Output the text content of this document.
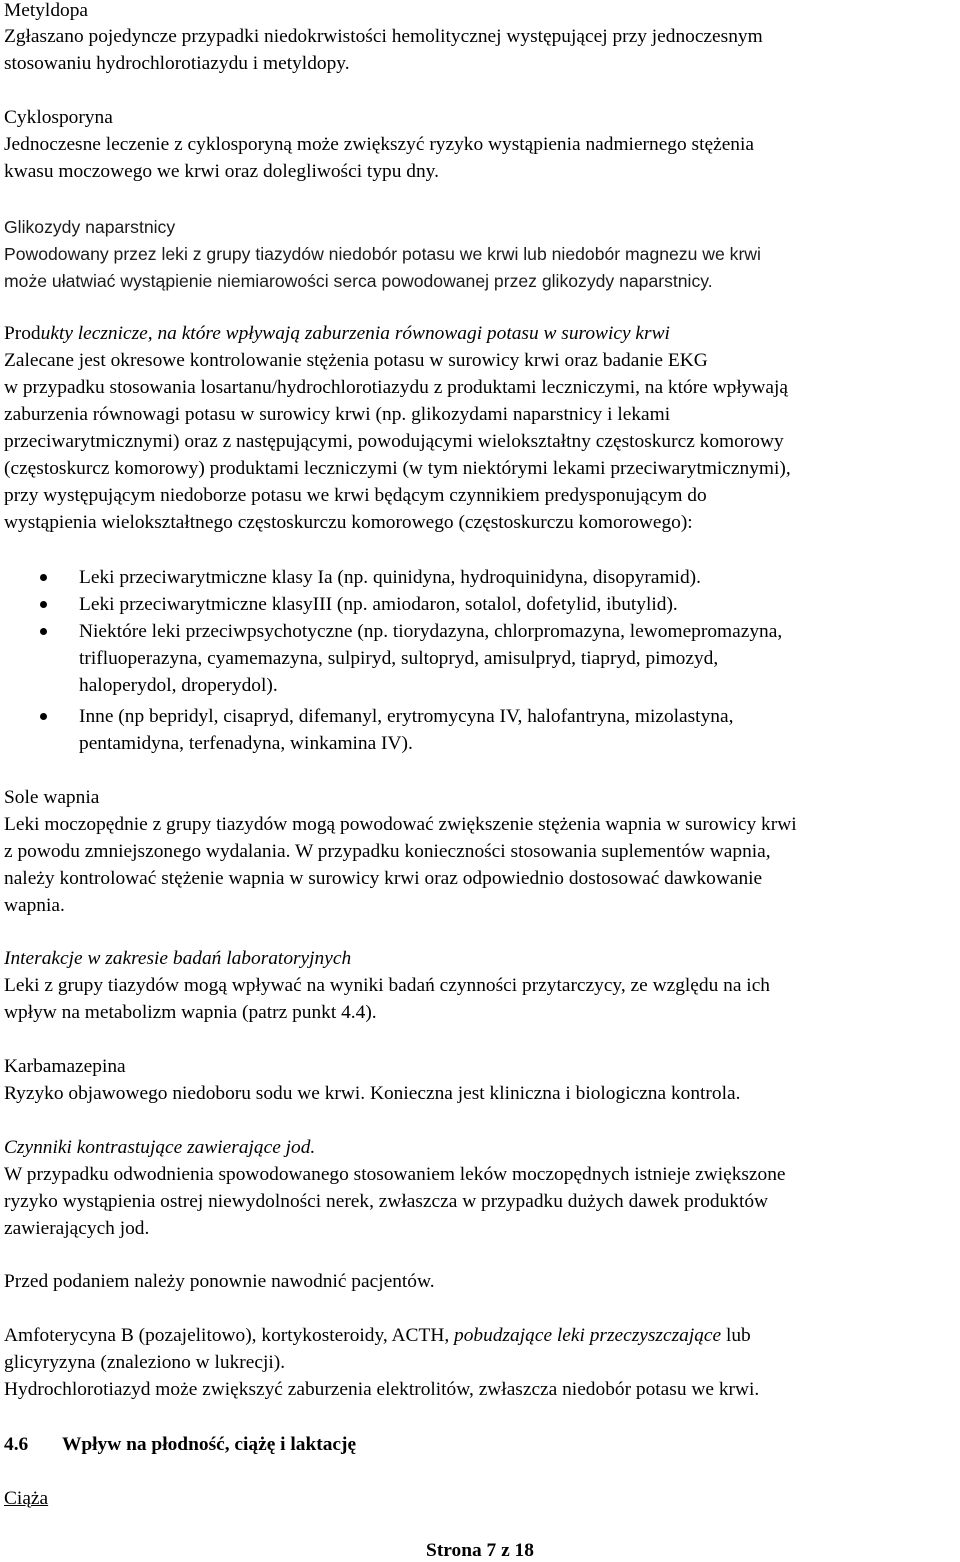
Metyldopa

Zgłaszano pojedyncze przypadki niedokrwistości hemolitycznej występującej przy jednoczesnym

stosowaniu hydrochlorotiazydu i metyldopy.

Cyklosporyna

Jednoczesne leczenie z cyklosporyną może zwiększyć ryzyko wystąpienia nadmiernego stężenia

kwasu moczowego we krwi oraz dolegliwości typu dny.

Glikozydy naparstnicy

Powodowany przez leki z grupy tiazydów niedobór potasu we krwi lub niedobór magnezu we krwi

może ułatwiać wystąpienie niemiarowości serca powodowanej przez glikozydy naparstnicy.

Produkty lecznicze, na które wpływają zaburzenia równowagi potasu w surowicy krwi

Zalecane jest okresowe kontrolowanie stężenia potasu w surowicy krwi oraz badanie EKG

w przypadku stosowania losartanu/hydrochlorotiazydu z produktami leczniczymi, na które wpływają

zaburzenia równowagi potasu w surowicy krwi (np. glikozydami naparstnicy i lekami

przeciwarytmicznymi) oraz z następującymi, powodującymi wielokształtny częstoskurcz komorowy

(częstoskurcz komorowy) produktami leczniczymi (w tym niektórymi lekami przeciwarytmicznymi),

przy występującym niedoborze potasu we krwi będącym czynnikiem predysponującym do

wystąpienia wielokształtnego częstoskurczu komorowego (częstoskurczu komorowego):

Leki przeciwarytmiczne klasy Ia (np. quinidyna, hydroquinidyna, disopyramid).

Leki przeciwarytmiczne klasyIII (np. amiodaron, sotalol, dofetylid, ibutylid).

Niektóre leki przeciwpsychotyczne (np. tiorydazyna, chlorpromazyna, lewomepromazyna,

trifluoperazyna, cyamemazyna, sulpiryd, sultopryd, amisulpryd, tiapryd, pimozyd,

haloperydol, droperydol).

Inne (np bepridyl, cisapryd, difemanyl, erytromycyna IV, halofantryna, mizolastyna,

pentamidyna, terfenadyna, winkamina IV).

Sole wapnia

Leki moczopędnie z grupy tiazydów mogą powodować zwiększenie stężenia wapnia w surowicy krwi

z powodu zmniejszonego wydalania. W przypadku konieczności stosowania suplementów wapnia,

należy kontrolować stężenie wapnia w surowicy krwi oraz odpowiednio dostosować dawkowanie

wapnia.

Interakcje w zakresie badań laboratoryjnych

Leki z grupy tiazydów mogą wpływać na wyniki badań czynności przytarczycy, ze względu na ich

wpływ na metabolizm wapnia (patrz punkt 4.4).

Karbamazepina

Ryzyko objawowego niedoboru sodu we krwi. Konieczna jest kliniczna i biologiczna kontrola.

Czynniki kontrastujące zawierające jod.

W przypadku odwodnienia spowodowanego stosowaniem leków moczopędnych istnieje zwiększone

ryzyko wystąpienia ostrej niewydolności nerek, zwłaszcza w przypadku dużych dawek produktów

zawierających jod.

Przed podaniem należy ponownie nawodnić pacjentów.

Amfoterycyna B (pozajelitowo), kortykosteroidy, ACTH, pobudzające leki przeczyszczające lub

glicyryzyna (znaleziono w lukrecji).

Hydrochlorotiazyd może zwiększyć zaburzenia elektrolitów, zwłaszcza niedobór potasu we krwi.

4.6 Wpływ na płodność, ciążę i laktację

Ciąża

Strona 7 z 18
